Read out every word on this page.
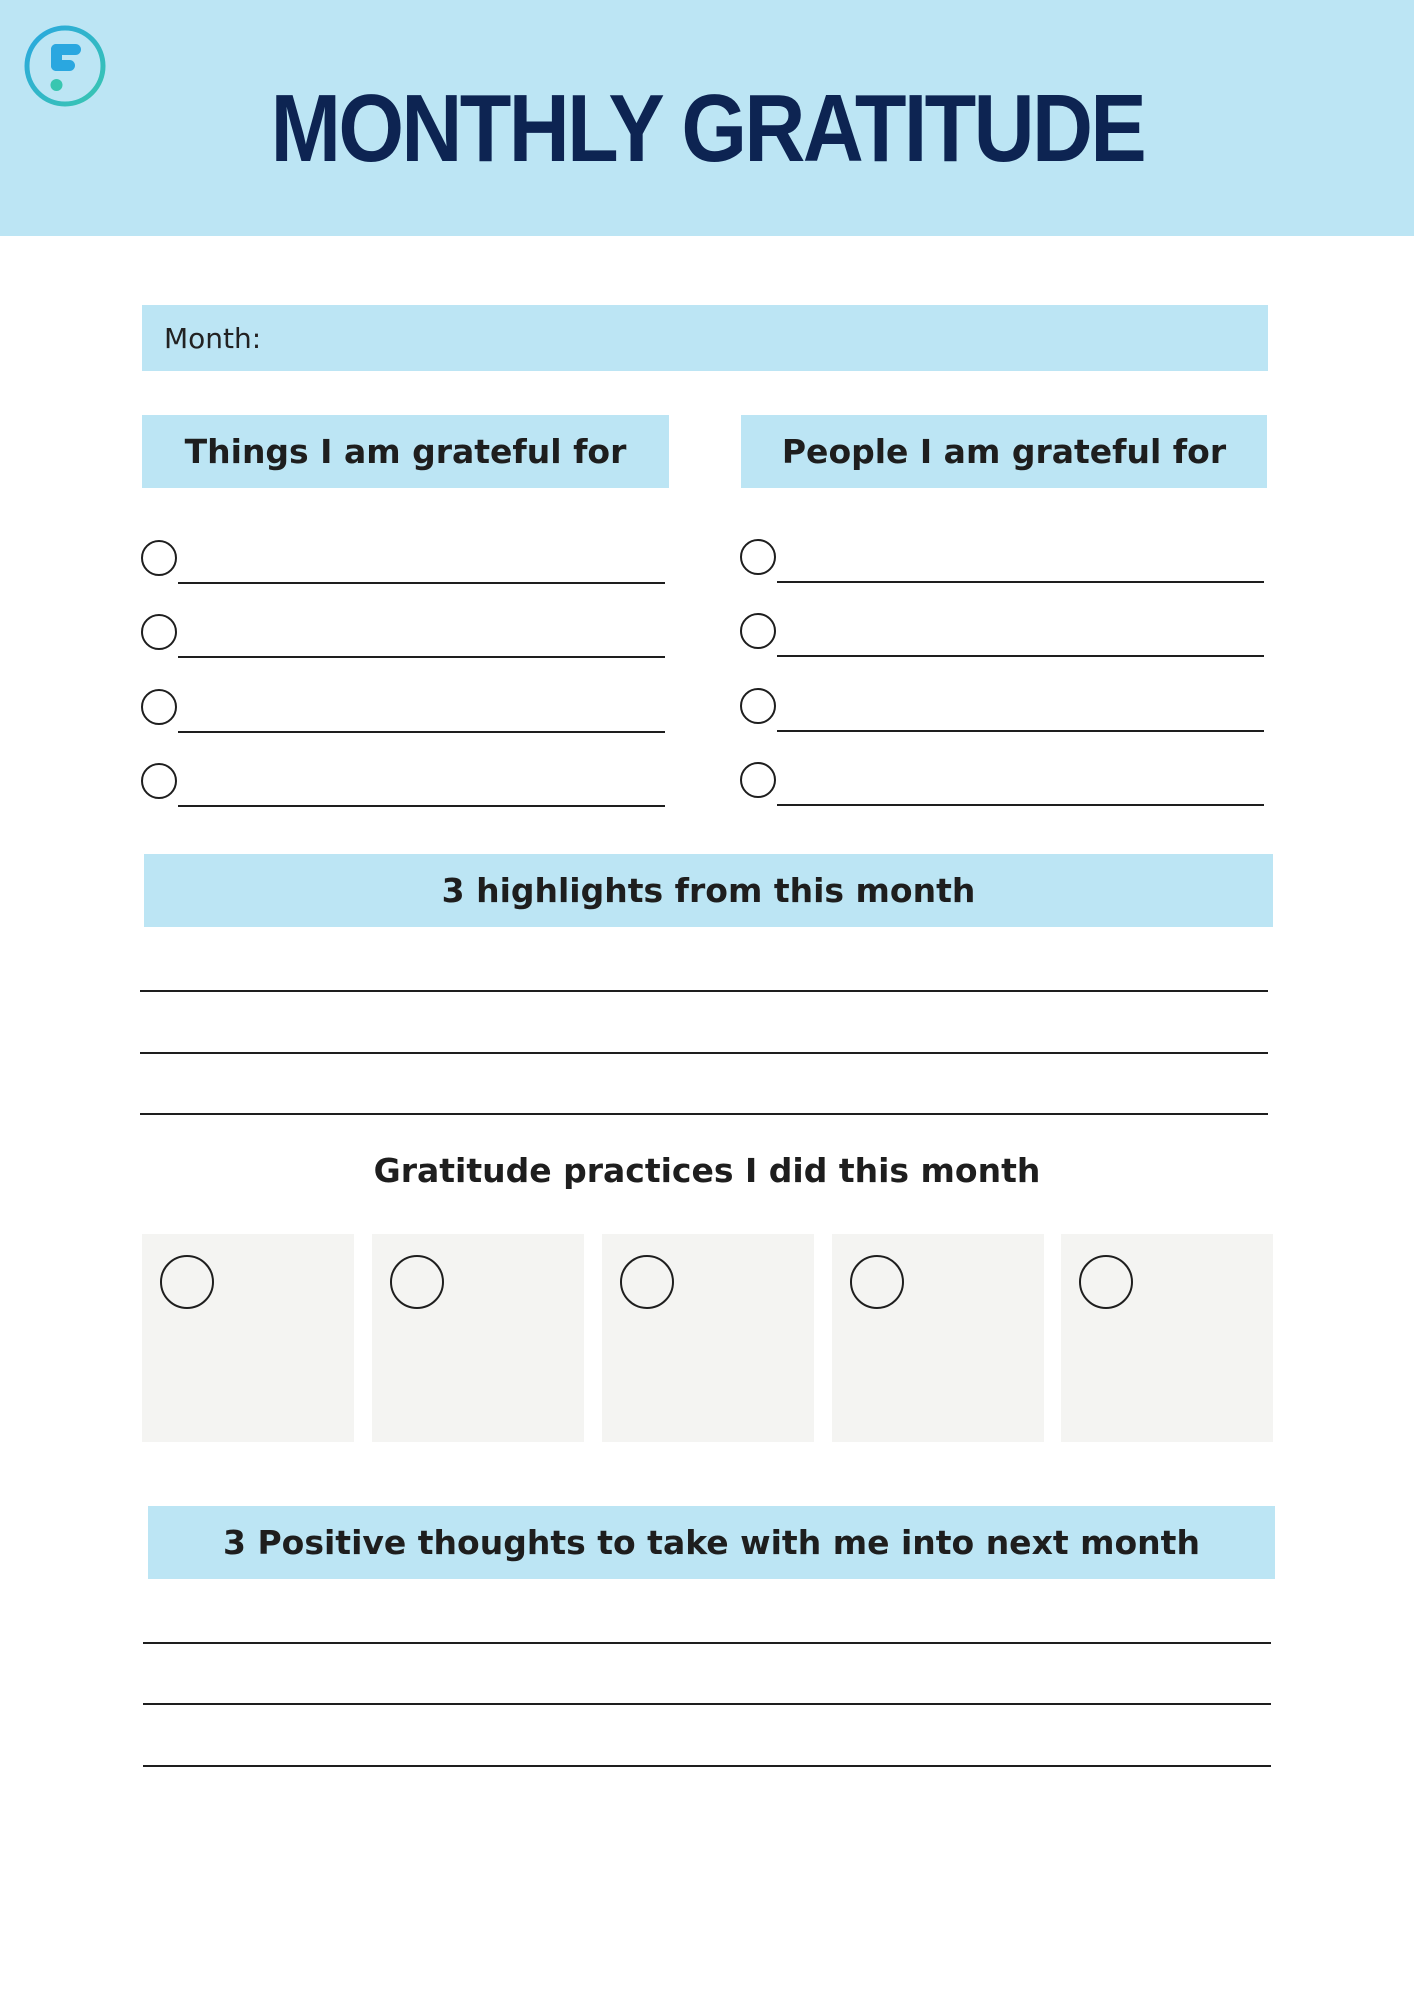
MONTHLY GRATITUDE
Month:
Things I am grateful for	People I am grateful for
3 highlights from this month
Gratitude practices I did this month
3 Positive thoughts to take with me into next month
